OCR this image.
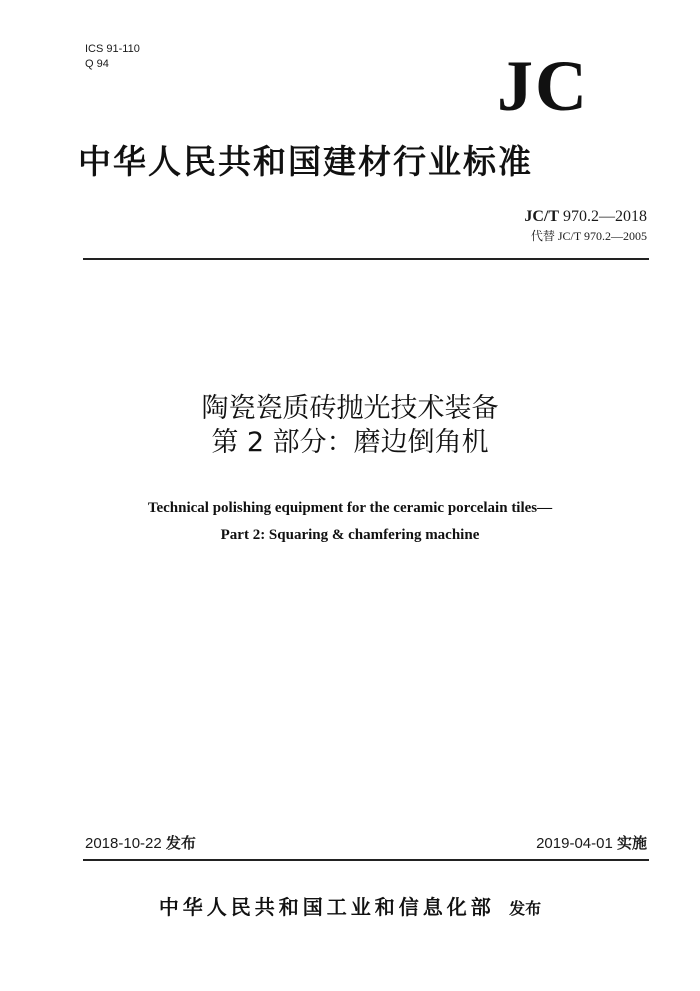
ICS 91-110
Q 94	JC
中华人民共和国建材行业标准
JC/T 970.2—2018
代替 JC/T 970.2—2005
陶瓷瓷质砖抛光技术装备
第 2 部分：磨边倒角机
Technical polishing equipment for the ceramic porcelain tiles—
Part 2: Squaring & chamfering machine
2018-10-22 发布	2019-04-01 实施
中华人民共和国工业和信息化部 发布
